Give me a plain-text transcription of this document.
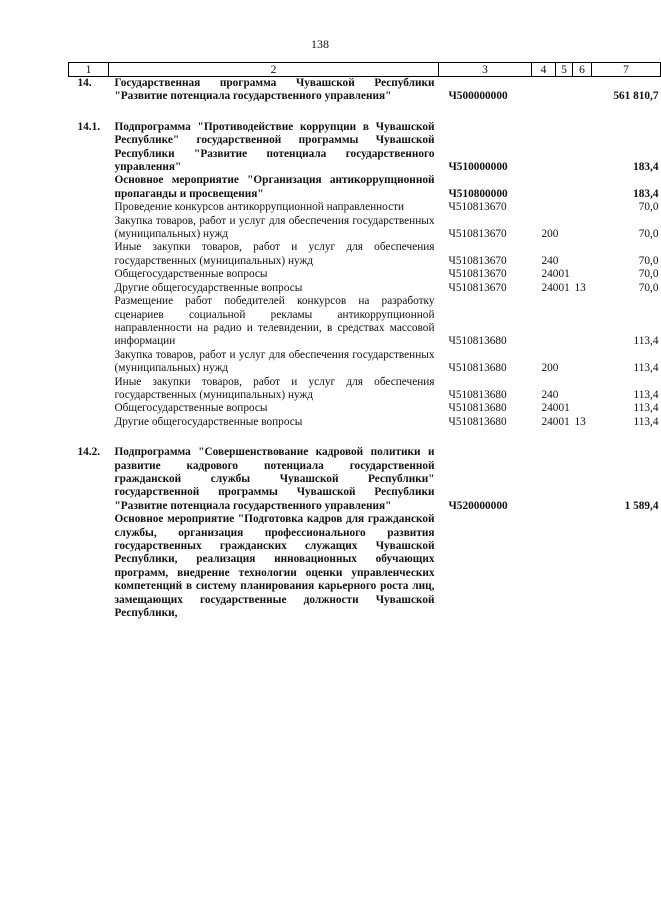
138
1	2	3	4	5	6	7
14.	Государственная программа Чувашской Республики "Развитие потенциала государственного управления"	Ч500000000				561 810,7

14.1.	Подпрограмма "Противодействие коррупции в Чувашской Республике" государственной программы Чувашской Республики "Развитие потенциала государственного управления"	Ч510000000				183,4
	Основное мероприятие "Организация антикоррупционной пропаганды и просвещения"	Ч510800000				183,4
	Проведение конкурсов антикоррупционной направленности	Ч510813670				70,0
	Закупка товаров, работ и услуг для обеспечения государственных (муниципальных) нужд	Ч510813670	200			70,0
	Иные закупки товаров, работ и услуг для обеспечения государственных (муниципальных) нужд	Ч510813670	240			70,0
	Общегосударственные вопросы	Ч510813670	240	01		70,0
	Другие общегосударственные вопросы	Ч510813670	240	01	13	70,0
	Размещение работ победителей конкурсов на разработку сценариев социальной рекламы антикоррупционной направленности на радио и телевидении, в средствах массовой информации	Ч510813680				113,4
	Закупка товаров, работ и услуг для обеспечения государственных (муниципальных) нужд	Ч510813680	200			113,4
	Иные закупки товаров, работ и услуг для обеспечения государственных (муниципальных) нужд	Ч510813680	240			113,4
	Общегосударственные вопросы	Ч510813680	240	01		113,4
	Другие общегосударственные вопросы	Ч510813680	240	01	13	113,4

14.2.	Подпрограмма "Совершенствование кадровой политики и развитие кадрового потенциала государственной гражданской службы Чувашской Республики" государственной программы Чувашской Республики "Развитие потенциала государственного управления"	Ч520000000				1 589,4
	Основное мероприятие "Подготовка кадров для гражданской службы, организация профессионального развития государственных гражданских служащих Чувашской Республики, реализация инновационных обучающих программ, внедрение технологии оценки управленческих компетенций в систему планирования карьерного роста лиц, замещающих государственные должности Чувашской Республики,					
